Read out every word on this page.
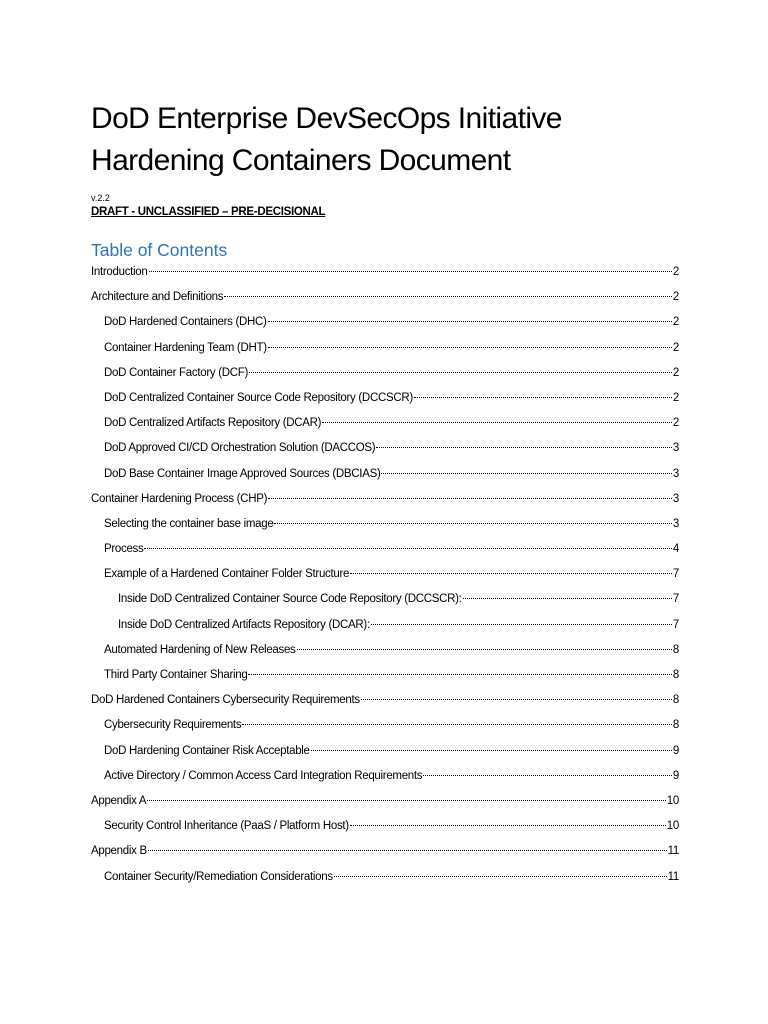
DoD Enterprise DevSecOps Initiative
Hardening Containers Document
v.2.2
DRAFT - UNCLASSIFIED – PRE-DECISIONAL
Table of Contents
Introduction	2
Architecture and Definitions	2
DoD Hardened Containers (DHC)	2
Container Hardening Team (DHT)	2
DoD Container Factory (DCF)	2
DoD Centralized Container Source Code Repository (DCCSCR)	2
DoD Centralized Artifacts Repository (DCAR)	2
DoD Approved CI/CD Orchestration Solution (DACCOS)	3
DoD Base Container Image Approved Sources (DBCIAS)	3
Container Hardening Process (CHP)	3
Selecting the container base image	3
Process	4
Example of a Hardened Container Folder Structure	7
Inside DoD Centralized Container Source Code Repository (DCCSCR):	7
Inside DoD Centralized Artifacts Repository (DCAR):	7
Automated Hardening of New Releases	8
Third Party Container Sharing	8
DoD Hardened Containers Cybersecurity Requirements	8
Cybersecurity Requirements	8
DoD Hardening Container Risk Acceptable	9
Active Directory / Common Access Card Integration Requirements	9
Appendix A	10
Security Control Inheritance (PaaS / Platform Host)	10
Appendix B	11
Container Security/Remediation Considerations	11
